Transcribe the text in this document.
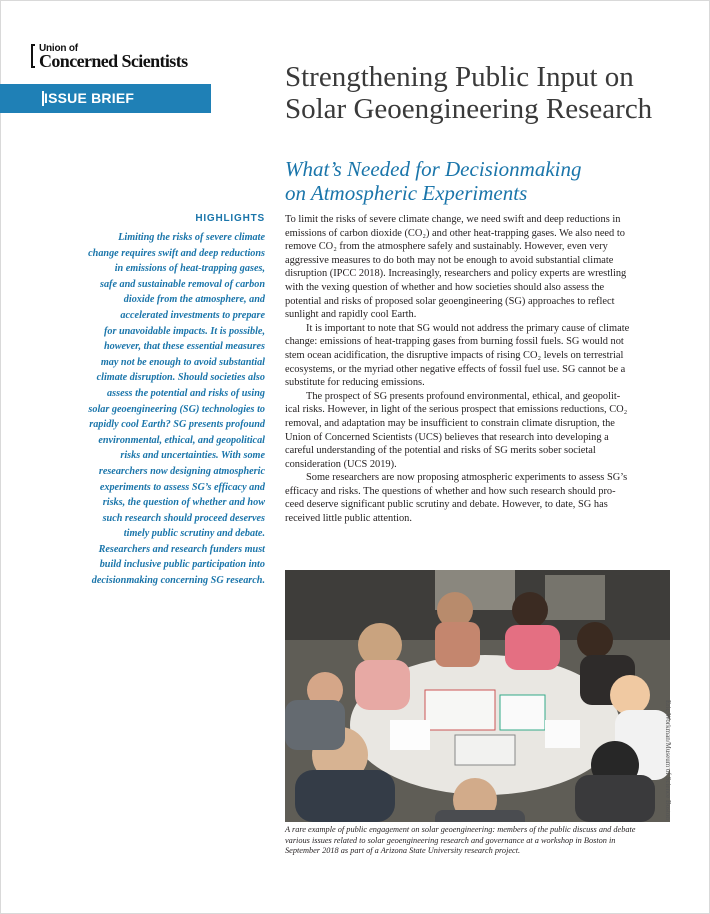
Union of
Concerned Scientists
ISSUE BRIEF
Strengthening Public Input on
Solar Geoengineering Research
What’s Needed for Decisionmaking
on Atmospheric Experiments
HIGHLIGHTS
Limiting the risks of severe climate
change requires swift and deep reductions
in emissions of heat-trapping gases,
safe and sustainable removal of carbon
dioxide from the atmosphere, and
accelerated investments to prepare
for unavoidable impacts. It is possible,
however, that these essential measures
may not be enough to avoid substantial
climate disruption. Should societies also
assess the potential and risks of using
solar geoengineering (SG) technologies to
rapidly cool Earth? SG presents profound
environmental, ethical, and geopolitical
risks and uncertainties. With some
researchers now designing atmospheric
experiments to assess SG’s efficacy and
risks, the question of whether and how
such research should proceed deserves
timely public scrutiny and debate.
Researchers and research funders must
build inclusive public participation into
decisionmaking concerning SG research.
To limit the risks of severe climate change, we need swift and deep reductions in
emissions of carbon dioxide (CO₂) and other heat-trapping gases. We also need to
remove CO₂ from the atmosphere safely and sustainably. However, even very
aggressive measures to do both may not be enough to avoid substantial climate
disruption (IPCC 2018). Increasingly, researchers and policy experts are wrestling
with the vexing question of whether and how societies should also assess the
potential and risks of proposed solar geoengineering (SG) approaches to reflect
sunlight and rapidly cool Earth.
It is important to note that SG would not address the primary cause of climate
change: emissions of heat-trapping gases from burning fossil fuels. SG would not
stem ocean acidification, the disruptive impacts of rising CO₂ levels on terrestrial
ecosystems, or the myriad other negative effects of fossil fuel use. SG cannot be a
substitute for reducing emissions.
The prospect of SG presents profound environmental, ethical, and geopolit-
ical risks. However, in light of the serious prospect that emissions reductions, CO₂
removal, and adaptation may be insufficient to constrain climate disruption, the
Union of Concerned Scientists (UCS) believes that research into developing a
careful understanding of the potential and risks of SG merits sober societal
consideration (UCS 2019).
Some researchers are now proposing atmospheric experiments to assess SG’s
efficacy and risks. The questions of whether and how such research should pro-
ceed deserve significant public scrutiny and debate. However, to date, SG has
received little public attention.
Eric Workman/Museum of Science Boston
A rare example of public engagement on solar geoengineering: members of the public discuss and debate
various issues related to solar geoengineering research and governance at a workshop in Boston in
September 2018 as part of a Arizona State University research project.
